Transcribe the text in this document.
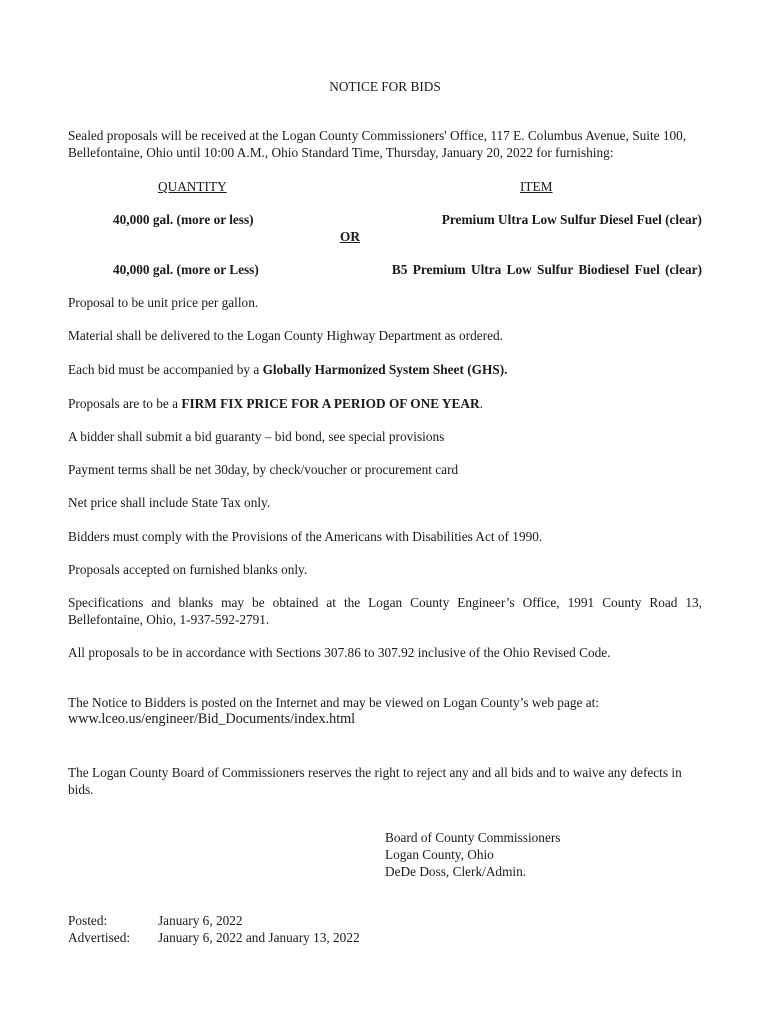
NOTICE FOR BIDS
Sealed proposals will be received at the Logan County Commissioners' Office, 117 E. Columbus Avenue, Suite 100, Bellefontaine, Ohio until 10:00 A.M., Ohio Standard Time, Thursday, January 20, 2022 for furnishing:
QUANTITY	ITEM
40,000 gal. (more or less)	Premium Ultra Low Sulfur Diesel Fuel (clear)
OR
40,000 gal. (more or Less)	B5 Premium Ultra Low Sulfur Biodiesel Fuel (clear)
Proposal to be unit price per gallon.
Material shall be delivered to the Logan County Highway Department as ordered.
Each bid must be accompanied by a Globally Harmonized System Sheet (GHS).
Proposals are to be a FIRM FIX PRICE FOR A PERIOD OF ONE YEAR.
A bidder shall submit a bid guaranty – bid bond, see special provisions
Payment terms shall be net 30day, by check/voucher or procurement card
Net price shall include State Tax only.
Bidders must comply with the Provisions of the Americans with Disabilities Act of 1990.
Proposals accepted on furnished blanks only.
Specifications and blanks may be obtained at the Logan County Engineer’s Office, 1991 County Road 13, Bellefontaine, Ohio, 1-937-592-2791.
All proposals to be in accordance with Sections 307.86 to 307.92 inclusive of the Ohio Revised Code.
The Notice to Bidders is posted on the Internet and may be viewed on Logan County’s web page at:
www.lceo.us/engineer/Bid_Documents/index.html
The Logan County Board of Commissioners reserves the right to reject any and all bids and to waive any defects in bids.
Board of County Commissioners
Logan County, Ohio
DeDe Doss, Clerk/Admin.
Posted:	January 6, 2022
Advertised: January 6, 2022 and January 13, 2022
